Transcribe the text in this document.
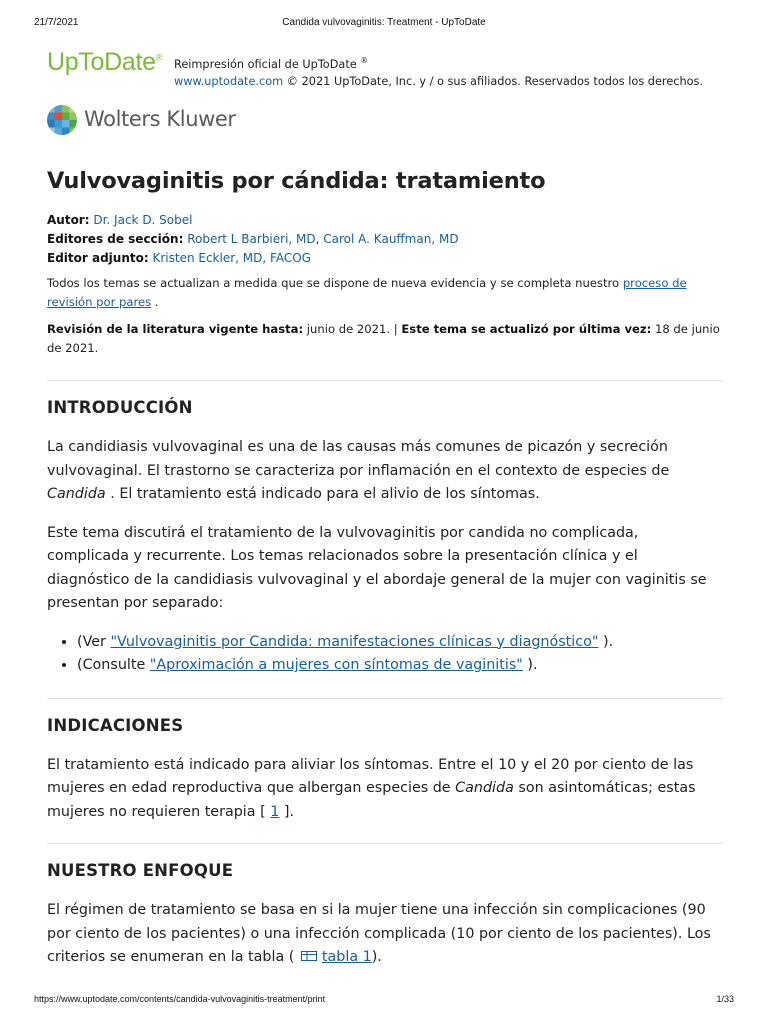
21/7/2021	Candida vulvovaginitis: Treatment - UpToDate
UpToDate®
Reimpresión oficial de UpToDate ®
www.uptodate.com © 2021 UpToDate, Inc. y / o sus afiliados. Reservados todos los derechos.
Wolters Kluwer
Vulvovaginitis por cándida: tratamiento
Autor: Dr. Jack D. Sobel
Editores de sección: Robert L Barbieri, MD, Carol A. Kauffman, MD
Editor adjunto: Kristen Eckler, MD, FACOG
Todos los temas se actualizan a medida que se dispone de nueva evidencia y se completa nuestro proceso de revisión por pares .
Revisión de la literatura vigente hasta: junio de 2021. | Este tema se actualizó por última vez: 18 de junio de 2021.
INTRODUCCIÓN

La candidiasis vulvovaginal es una de las causas más comunes de picazón y secreción vulvovaginal. El trastorno se caracteriza por inflamación en el contexto de especies de Candida . El tratamiento está indicado para el alivio de los síntomas.

Este tema discutirá el tratamiento de la vulvovaginitis por candida no complicada, complicada y recurrente. Los temas relacionados sobre la presentación clínica y el diagnóstico de la candidiasis vulvovaginal y el abordaje general de la mujer con vaginitis se presentan por separado:

• (Ver "Vulvovaginitis por Candida: manifestaciones clínicas y diagnóstico" ).
• (Consulte "Aproximación a mujeres con síntomas de vaginitis" ).
INDICACIONES

El tratamiento está indicado para aliviar los síntomas. Entre el 10 y el 20 por ciento de las mujeres en edad reproductiva que albergan especies de Candida son asintomáticas; estas mujeres no requieren terapia [ 1 ].

NUESTRO ENFOQUE

El régimen de tratamiento se basa en si la mujer tiene una infección sin complicaciones (90 por ciento de los pacientes) o una infección complicada (10 por ciento de los pacientes). Los criterios se enumeran en la tabla ( tabla 1).

https://www.uptodate.com/contents/candida-vulvovaginitis-treatment/print	1/33
